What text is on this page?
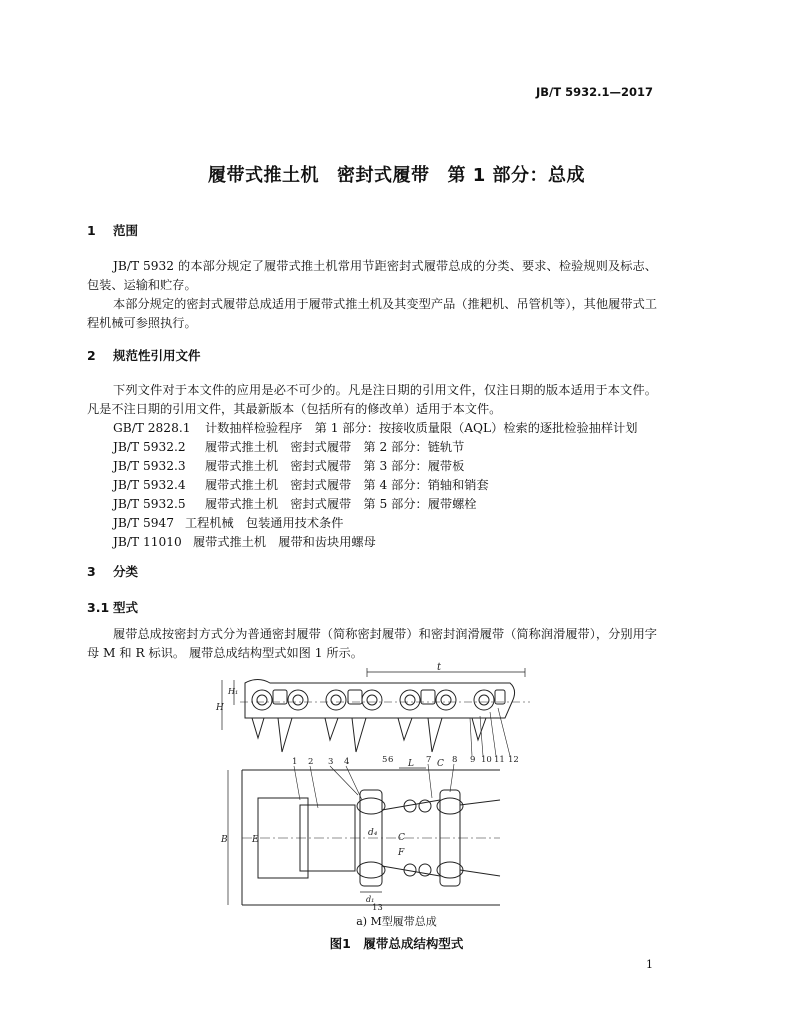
JB/T 5932.1—2017
履带式推土机 密封式履带 第 1 部分：总成
1 范围
JB/T 5932 的本部分规定了履带式推土机常用节距密封式履带总成的分类、要求、检验规则及标志、包装、运输和贮存。
本部分规定的密封式履带总成适用于履带式推土机及其变型产品（推耙机、吊管机等），其他履带式工程机械可参照执行。
2 规范性引用文件
下列文件对于本文件的应用是必不可少的。凡是注日期的引用文件，仅注日期的版本适用于本文件。凡是不注日期的引用文件，其最新版本（包括所有的修改单）适用于本文件。
GB/T 2828.1 计数抽样检验程序　第 1 部分：按接收质量限（AQL）检索的逐批检验抽样计划
JB/T 5932.2 履带式推土机　密封式履带　第 2 部分：链轨节
JB/T 5932.3 履带式推土机　密封式履带　第 3 部分：履带板
JB/T 5932.4 履带式推土机　密封式履带　第 4 部分：销轴和销套
JB/T 5932.5 履带式推土机　密封式履带　第 5 部分：履带螺栓
JB/T 5947 工程机械　包装通用技术条件
JB/T 11010 履带式推土机　履带和齿块用螺母
3 分类
3.1 型式
履带总成按密封方式分为普通密封履带（简称密封履带）和密封润滑履带（简称润滑履带），分别用字母 M 和 R 标识。 履带总成结构型式如图 1 所示。
t
H
H₁
B	E
d₄ C
F
L	C
d₁
1 2 3 4	5 6	7 8 9 10 11 12
13
a) M型履带总成
图1　履带总成结构型式
1
